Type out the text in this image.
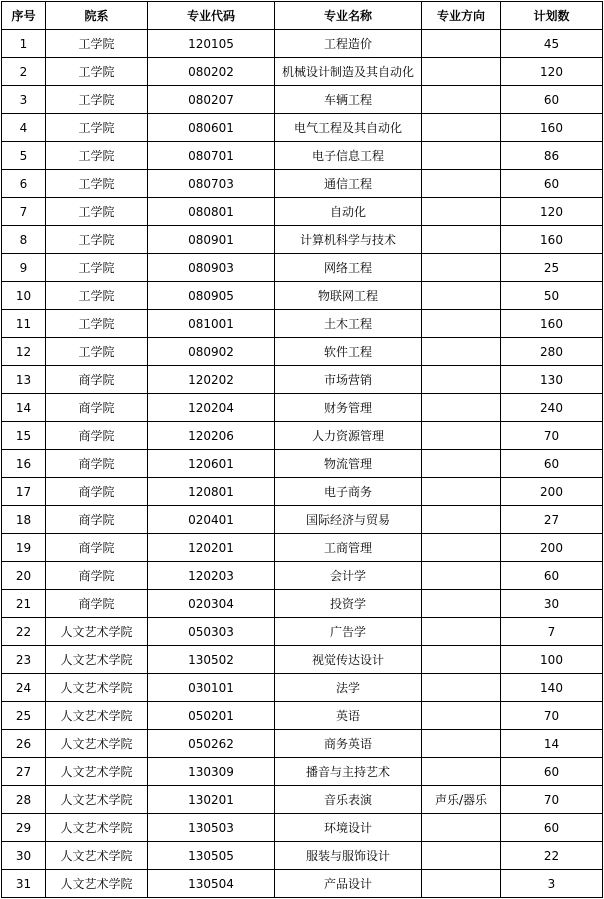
序号	院系	专业代码	专业名称	专业方向	计划数
1	工学院	120105	工程造价		45
2	工学院	080202	机械设计制造及其自动化		120
3	工学院	080207	车辆工程		60
4	工学院	080601	电气工程及其自动化		160
5	工学院	080701	电子信息工程		86
6	工学院	080703	通信工程		60
7	工学院	080801	自动化		120
8	工学院	080901	计算机科学与技术		160
9	工学院	080903	网络工程		25
10	工学院	080905	物联网工程		50
11	工学院	081001	土木工程		160
12	工学院	080902	软件工程		280
13	商学院	120202	市场营销		130
14	商学院	120204	财务管理		240
15	商学院	120206	人力资源管理		70
16	商学院	120601	物流管理		60
17	商学院	120801	电子商务		200
18	商学院	020401	国际经济与贸易		27
19	商学院	120201	工商管理		200
20	商学院	120203	会计学		60
21	商学院	020304	投资学		30
22	人文艺术学院	050303	广告学		7
23	人文艺术学院	130502	视觉传达设计		100
24	人文艺术学院	030101	法学		140
25	人文艺术学院	050201	英语		70
26	人文艺术学院	050262	商务英语		14
27	人文艺术学院	130309	播音与主持艺术		60
28	人文艺术学院	130201	音乐表演	声乐/器乐	70
29	人文艺术学院	130503	环境设计		60
30	人文艺术学院	130505	服装与服饰设计		22
31	人文艺术学院	130504	产品设计		3
